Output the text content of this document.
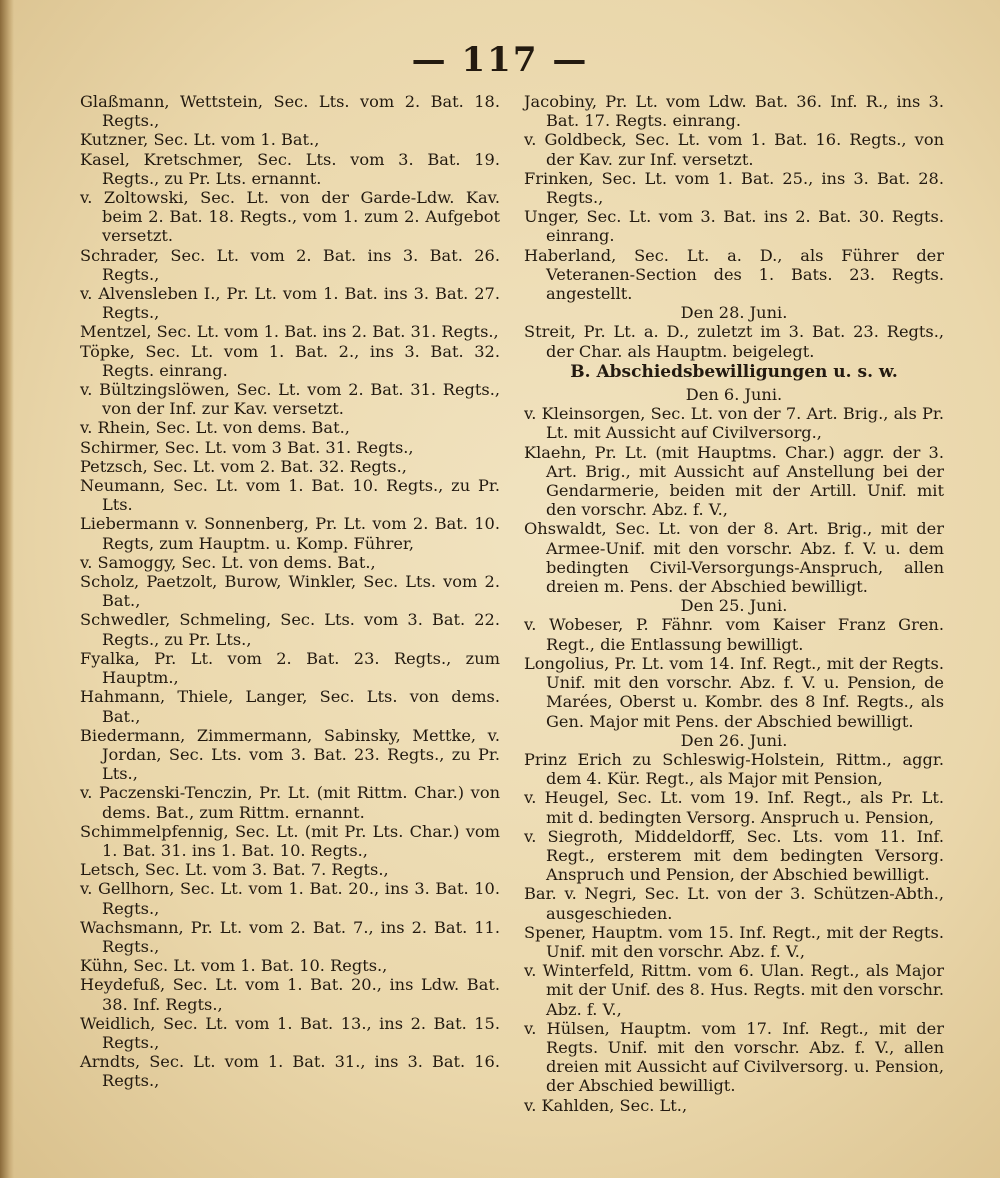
— 117 —

Glaßmann, Wettstein, Sec. Lts. vom 2. Bat. 18. Regts.,

Kutzner, Sec. Lt. vom 1. Bat.,

Kasel, Kretschmer, Sec. Lts. vom 3. Bat. 19. Regts., zu Pr. Lts. ernannt.

v. Zoltowski, Sec. Lt. von der Garde-Ldw. Kav. beim 2. Bat. 18. Regts., vom 1. zum 2. Aufgebot versetzt.

Schrader, Sec. Lt. vom 2. Bat. ins 3. Bat. 26. Regts.,

v. Alvensleben I., Pr. Lt. vom 1. Bat. ins 3. Bat. 27. Regts.,

Mentzel, Sec. Lt. vom 1. Bat. ins 2. Bat. 31. Regts.,

Töpke, Sec. Lt. vom 1. Bat. 2., ins 3. Bat. 32. Regts. einrang.

v. Bültzingslöwen, Sec. Lt. vom 2. Bat. 31. Regts., von der Inf. zur Kav. versetzt.

v. Rhein, Sec. Lt. von dems. Bat.,

Schirmer, Sec. Lt. vom 3 Bat. 31. Regts.,

Petzsch, Sec. Lt. vom 2. Bat. 32. Regts.,

Neumann, Sec. Lt. vom 1. Bat. 10. Regts., zu Pr. Lts.

Liebermann v. Sonnenberg, Pr. Lt. vom 2. Bat. 10. Regts, zum Hauptm. u. Komp. Führer,

v. Samoggy, Sec. Lt. von dems. Bat.,

Scholz, Paetzolt, Burow, Winkler, Sec. Lts. vom 2. Bat.,

Schwedler, Schmeling, Sec. Lts. vom 3. Bat. 22. Regts., zu Pr. Lts.,

Fyalka, Pr. Lt. vom 2. Bat. 23. Regts., zum Hauptm.,

Hahmann, Thiele, Langer, Sec. Lts. von dems. Bat.,

Biedermann, Zimmermann, Sabinsky, Mettke, v. Jordan, Sec. Lts. vom 3. Bat. 23. Regts., zu Pr. Lts.,

v. Paczenski-Tenczin, Pr. Lt. (mit Rittm. Char.) von dems. Bat., zum Rittm. ernannt.

Schimmelpfennig, Sec. Lt. (mit Pr. Lts. Char.) vom 1. Bat. 31. ins 1. Bat. 10. Regts.,

Letsch, Sec. Lt. vom 3. Bat. 7. Regts.,

v. Gellhorn, Sec. Lt. vom 1. Bat. 20., ins 3. Bat. 10. Regts.,

Wachsmann, Pr. Lt. vom 2. Bat. 7., ins 2. Bat. 11. Regts.,

Kühn, Sec. Lt. vom 1. Bat. 10. Regts.,

Heydefuß, Sec. Lt. vom 1. Bat. 20., ins Ldw. Bat. 38. Inf. Regts.,

Weidlich, Sec. Lt. vom 1. Bat. 13., ins 2. Bat. 15. Regts.,

Arndts, Sec. Lt. vom 1. Bat. 31., ins 3. Bat. 16. Regts.,

Jacobiny, Pr. Lt. vom Ldw. Bat. 36. Inf. R., ins 3. Bat. 17. Regts. einrang.

v. Goldbeck, Sec. Lt. vom 1. Bat. 16. Regts., von der Kav. zur Inf. versetzt.

Frinken, Sec. Lt. vom 1. Bat. 25., ins 3. Bat. 28. Regts.,

Unger, Sec. Lt. vom 3. Bat. ins 2. Bat. 30. Regts. einrang.

Haberland, Sec. Lt. a. D., als Führer der Veteranen-Section des 1. Bats. 23. Regts. angestellt.

Den 28. Juni.

Streit, Pr. Lt. a. D., zuletzt im 3. Bat. 23. Regts., der Char. als Hauptm. beigelegt.

B. Abschiedsbewilligungen u. s. w.

Den 6. Juni.

v. Kleinsorgen, Sec. Lt. von der 7. Art. Brig., als Pr. Lt. mit Aussicht auf Civilversorg.,

Klaehn, Pr. Lt. (mit Hauptms. Char.) aggr. der 3. Art. Brig., mit Aussicht auf Anstellung bei der Gendarmerie, beiden mit der Artill. Unif. mit den vorschr. Abz. f. V.,

Ohswaldt, Sec. Lt. von der 8. Art. Brig., mit der Armee-Unif. mit den vorschr. Abz. f. V. u. dem bedingten Civil-Versorgungs-Anspruch, allen dreien m. Pens. der Abschied bewilligt.

Den 25. Juni.

v. Wobeser, P. Fähnr. vom Kaiser Franz Gren. Regt., die Entlassung bewilligt.

Longolius, Pr. Lt. vom 14. Inf. Regt., mit der Regts. Unif. mit den vorschr. Abz. f. V. u. Pension, de Marées, Oberst u. Kombr. des 8 Inf. Regts., als Gen. Major mit Pens. der Abschied bewilligt.

Den 26. Juni.

Prinz Erich zu Schleswig-Holstein, Rittm., aggr. dem 4. Kür. Regt., als Major mit Pension,

v. Heugel, Sec. Lt. vom 19. Inf. Regt., als Pr. Lt. mit d. bedingten Versorg. Anspruch u. Pension,

v. Siegroth, Middeldorff, Sec. Lts. vom 11. Inf. Regt., ersterem mit dem bedingten Versorg. Anspruch und Pension, der Abschied bewilligt.

Bar. v. Negri, Sec. Lt. von der 3. Schützen-Abth., ausgeschieden.

Spener, Hauptm. vom 15. Inf. Regt., mit der Regts. Unif. mit den vorschr. Abz. f. V.,

v. Winterfeld, Rittm. vom 6. Ulan. Regt., als Major mit der Unif. des 8. Hus. Regts. mit den vorschr. Abz. f. V.,

v. Hülsen, Hauptm. vom 17. Inf. Regt., mit der Regts. Unif. mit den vorschr. Abz. f. V., allen dreien mit Aussicht auf Civilversorg. u. Pension, der Abschied bewilligt.

v. Kahlden, Sec. Lt.,
